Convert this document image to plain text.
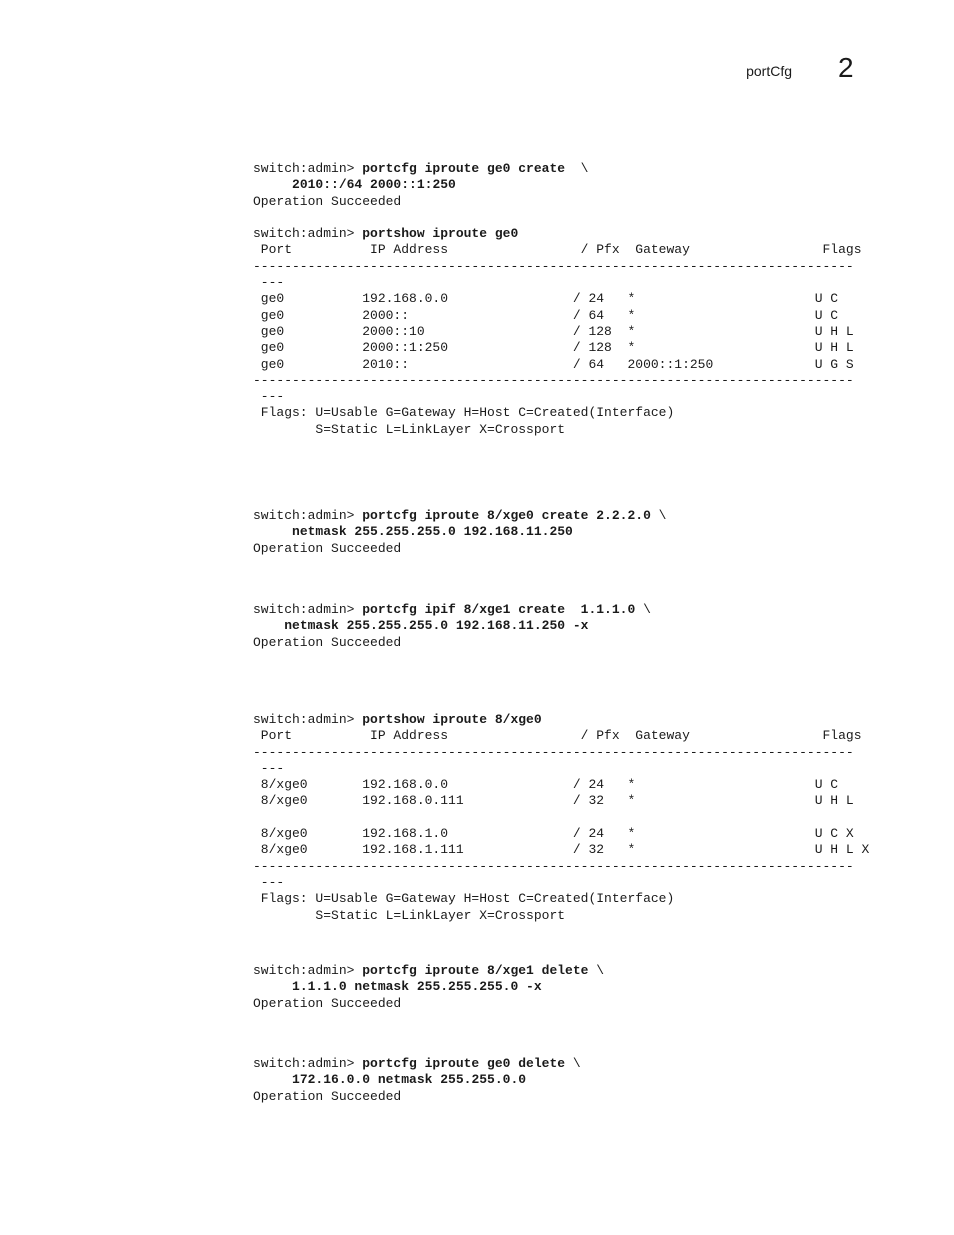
portCfg 2
switch:admin> portcfg iproute ge0 create  \
2010::/64 2000::1:250
Operation Succeeded
switch:admin> portshow iproute ge0
Port          IP Address                 / Pfx  Gateway                 Flags
-----------------------------------------------------------------------------
---
ge0          192.168.0.0                / 24   *                       U C
ge0          2000::                     / 64   *                       U C
ge0          2000::10                   / 128  *                       U H L
ge0          2000::1:250                / 128  *                       U H L
ge0          2010::                     / 64   2000::1:250             U G S
-----------------------------------------------------------------------------
---
Flags: U=Usable G=Gateway H=Host C=Created(Interface)
S=Static L=LinkLayer X=Crossport
switch:admin> portcfg iproute 8/xge0 create 2.2.2.0 \
netmask 255.255.255.0 192.168.11.250
Operation Succeeded
switch:admin> portcfg ipif 8/xge1 create  1.1.1.0 \
netmask 255.255.255.0 192.168.11.250 -x
Operation Succeeded
switch:admin> portshow iproute 8/xge0
Port          IP Address                 / Pfx  Gateway                 Flags
-----------------------------------------------------------------------------
---
8/xge0       192.168.0.0                / 24   *                       U C
8/xge0       192.168.0.111              / 32   *                       U H L
8/xge0       192.168.1.0                / 24   *                       U C X
8/xge0       192.168.1.111              / 32   *                       U H L X
-----------------------------------------------------------------------------
---
Flags: U=Usable G=Gateway H=Host C=Created(Interface)
S=Static L=LinkLayer X=Crossport
switch:admin> portcfg iproute 8/xge1 delete \
1.1.1.0 netmask 255.255.255.0 -x
Operation Succeeded
switch:admin> portcfg iproute ge0 delete \
172.16.0.0 netmask 255.255.0.0
Operation Succeeded
